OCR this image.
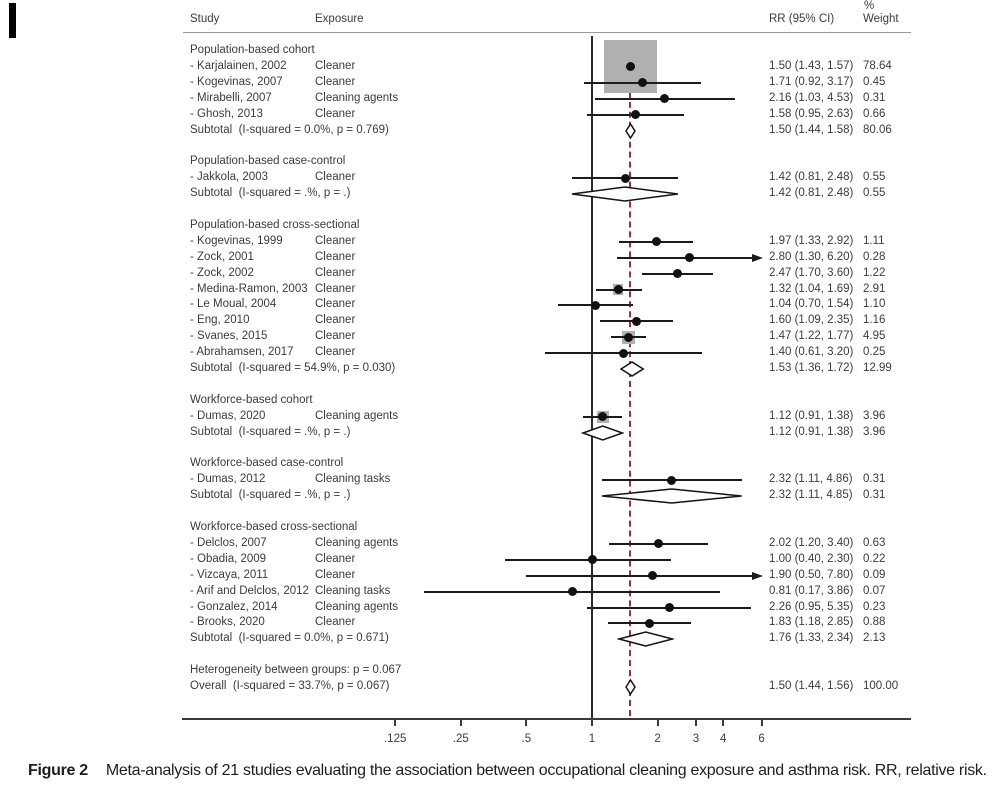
Study	Exposure
%
RR (95% CI)	Weight
.125	.25	.5	1	2	3 4	6
Population-based cohort
- Karjalainen, 2002 Cleaner	1.50 (1.43, 1.57) 78.64
- Kogevinas, 2007	Cleaner	1.71 (0.92, 3.17) 0.45
- Mirabelli, 2007	Cleaning agents	2.16 (1.03, 4.53) 0.31
- Ghosh, 2013	Cleaner	1.58 (0.95, 2.63) 0.66
Subtotal  (I-squared = 0.0%, p = 0.769)	1.50 (1.44, 1.58) 80.06
Population-based case-control
- Jakkola, 2003	Cleaner	1.42 (0.81, 2.48) 0.55
Subtotal  (I-squared = .%, p = .)	1.42 (0.81, 2.48) 0.55
Population-based cross-sectional
- Kogevinas, 1999	Cleaner	1.97 (1.33, 2.92) 1.11
- Zock, 2001	Cleaner	2.80 (1.30, 6.20) 0.28
- Zock, 2002	Cleaner	2.47 (1.70, 3.60) 1.22
- Medina-Ramon, 2003 Cleaner	1.32 (1.04, 1.69) 2.91
- Le Moual, 2004	Cleaner	1.04 (0.70, 1.54) 1.10
- Eng, 2010	Cleaner	1.60 (1.09, 2.35) 1.16
- Svanes, 2015	Cleaner	1.47 (1.22, 1.77) 4.95
- Abrahamsen, 2017 Cleaner	1.40 (0.61, 3.20) 0.25
Subtotal  (I-squared = 54.9%, p = 0.030)	1.53 (1.36, 1.72) 12.99
Workforce-based cohort
- Dumas, 2020	Cleaning agents	1.12 (0.91, 1.38) 3.96
Subtotal  (I-squared = .%, p = .)	1.12 (0.91, 1.38) 3.96
Workforce-based case-control
- Dumas, 2012	Cleaning tasks	2.32 (1.11, 4.86) 0.31
Subtotal  (I-squared = .%, p = .)	2.32 (1.11, 4.85) 0.31
Workforce-based cross-sectional
- Delclos, 2007	Cleaning agents	2.02 (1.20, 3.40) 0.63
- Obadia, 2009	Cleaner	1.00 (0.40, 2.30) 0.22
- Vizcaya, 2011	Cleaner	1.90 (0.50, 7.80) 0.09
- Arif and Delclos, 2012 Cleaning tasks	0.81 (0.17, 3.86) 0.07
- Gonzalez, 2014	Cleaning agents	2.26 (0.95, 5.35) 0.23
- Brooks, 2020	Cleaner	1.83 (1.18, 2.85) 0.88
Subtotal  (I-squared = 0.0%, p = 0.671)	1.76 (1.33, 2.34) 2.13
Heterogeneity between groups: p = 0.067
Overall  (I-squared = 33.7%, p = 0.067)	1.50 (1.44, 1.56) 100.00
Figure 2 Meta-analysis of 21 studies evaluating the association between occupational cleaning exposure and asthma risk. RR, relative risk.
